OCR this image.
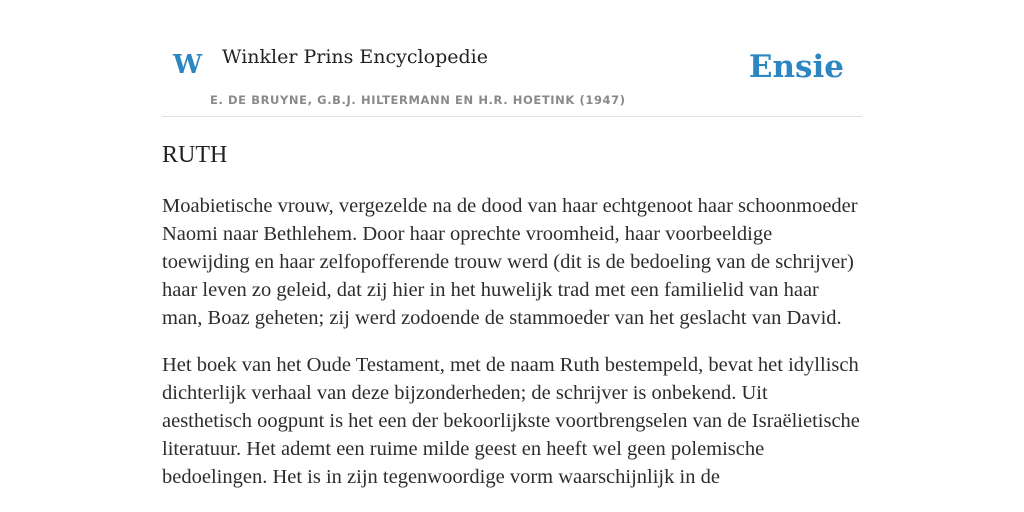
W Winkler Prins Encyclopedie
E. DE BRUYNE, G.B.J. HILTERMANN EN H.R. HOETINK (1947)
Ensie
RUTH

Moabietische vrouw, vergezelde na de dood van haar echtgenoot haar schoonmoeder Naomi naar Bethlehem. Door haar oprechte vroomheid, haar voorbeeldige toewijding en haar zelfopofferende trouw werd (dit is de bedoeling van de schrijver) haar leven zo geleid, dat zij hier in het huwelijk trad met een familielid van haar man, Boaz geheten; zij werd zodoende de stammoeder van het geslacht van David.

Het boek van het Oude Testament, met de naam Ruth bestempeld, bevat het idyllisch dichterlijk verhaal van deze bijzonderheden; de schrijver is onbekend. Uit aesthetisch oogpunt is het een der bekoorlijkste voortbrengselen van de Israëlietische literatuur. Het ademt een ruime milde geest en heeft wel geen polemische bedoelingen. Het is in zijn tegenwoordige vorm waarschijnlijk in de
